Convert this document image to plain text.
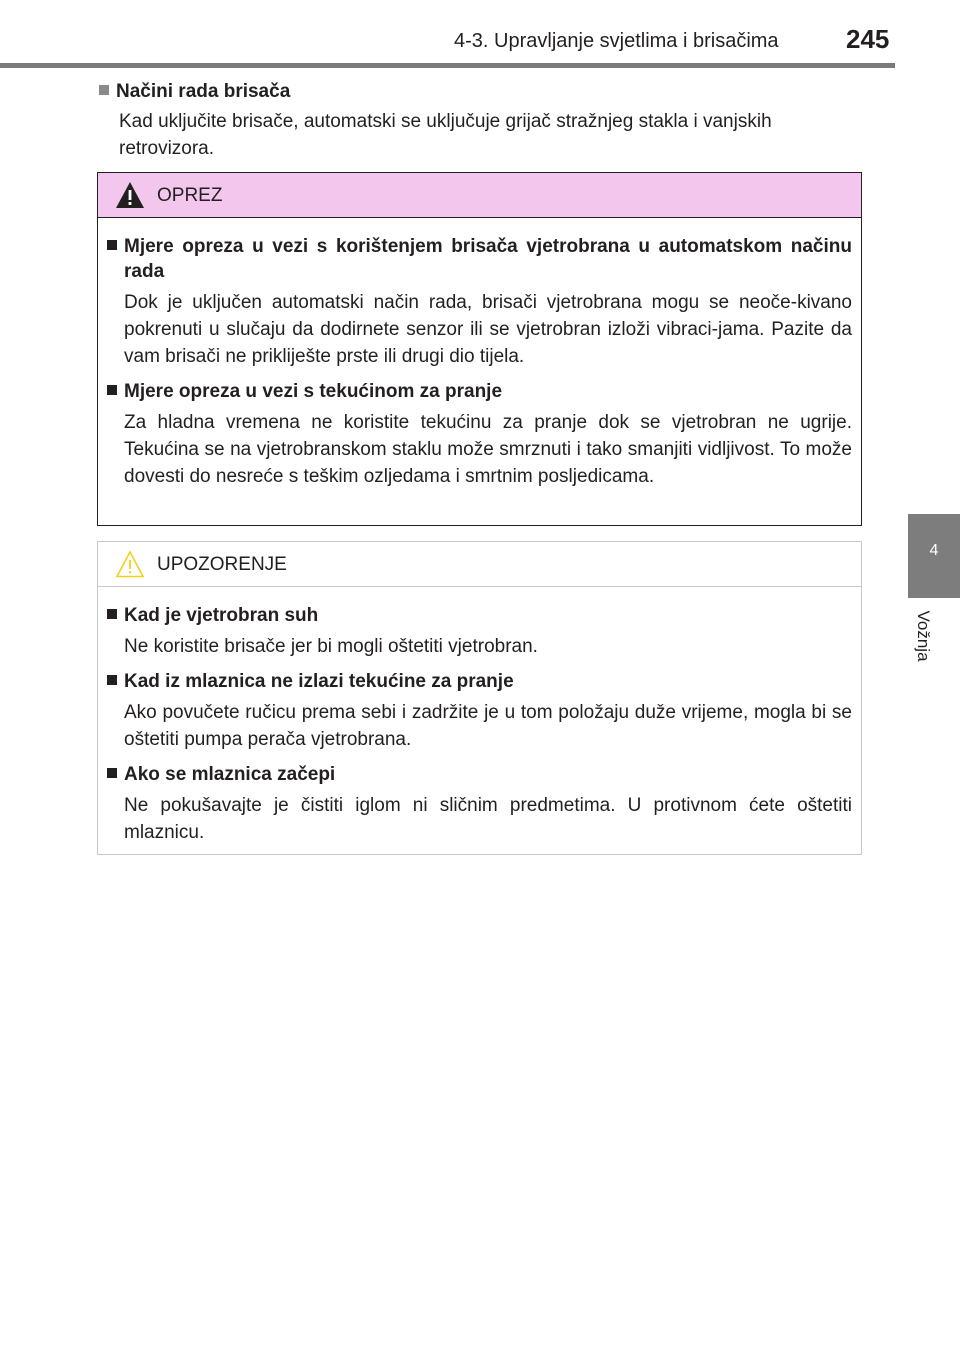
4-3. Upravljanje svjetlima i brisačima	245
4
Vožnja
Načini rada brisača
Kad uključite brisače, automatski se uključuje grijač stražnjeg stakla i vanjskih retrovizora.
OPREZ
Mjere opreza u vezi s korištenjem brisača vjetrobrana u automatskom načinu rada
Dok je uključen automatski način rada, brisači vjetrobrana mogu se neoče-kivano pokrenuti u slučaju da dodirnete senzor ili se vjetrobran izloži vibraci-jama. Pazite da vam brisači ne priklijеšte prste ili drugi dio tijela.
Mjere opreza u vezi s tekućinom za pranje
Za hladna vremena ne koristite tekućinu za pranje dok se vjetrobran ne ugrije. Tekućina se na vjetrobranskom staklu može smrznuti i tako smanjiti vidljivost. To može dovesti do nesreće s teškim ozljedama i smrtnim posljedicama.
UPOZORENJE
Kad je vjetrobran suh
Ne koristite brisače jer bi mogli oštetiti vjetrobran.
Kad iz mlaznica ne izlazi tekućine za pranje
Ako povučete ručicu prema sebi i zadržite je u tom položaju duže vrijeme, mogla bi se oštetiti pumpa perača vjetrobrana.
Ako se mlaznica začepi
Ne pokušavajte je čistiti iglom ni sličnim predmetima. U protivnom ćete oštetiti mlaznicu.
